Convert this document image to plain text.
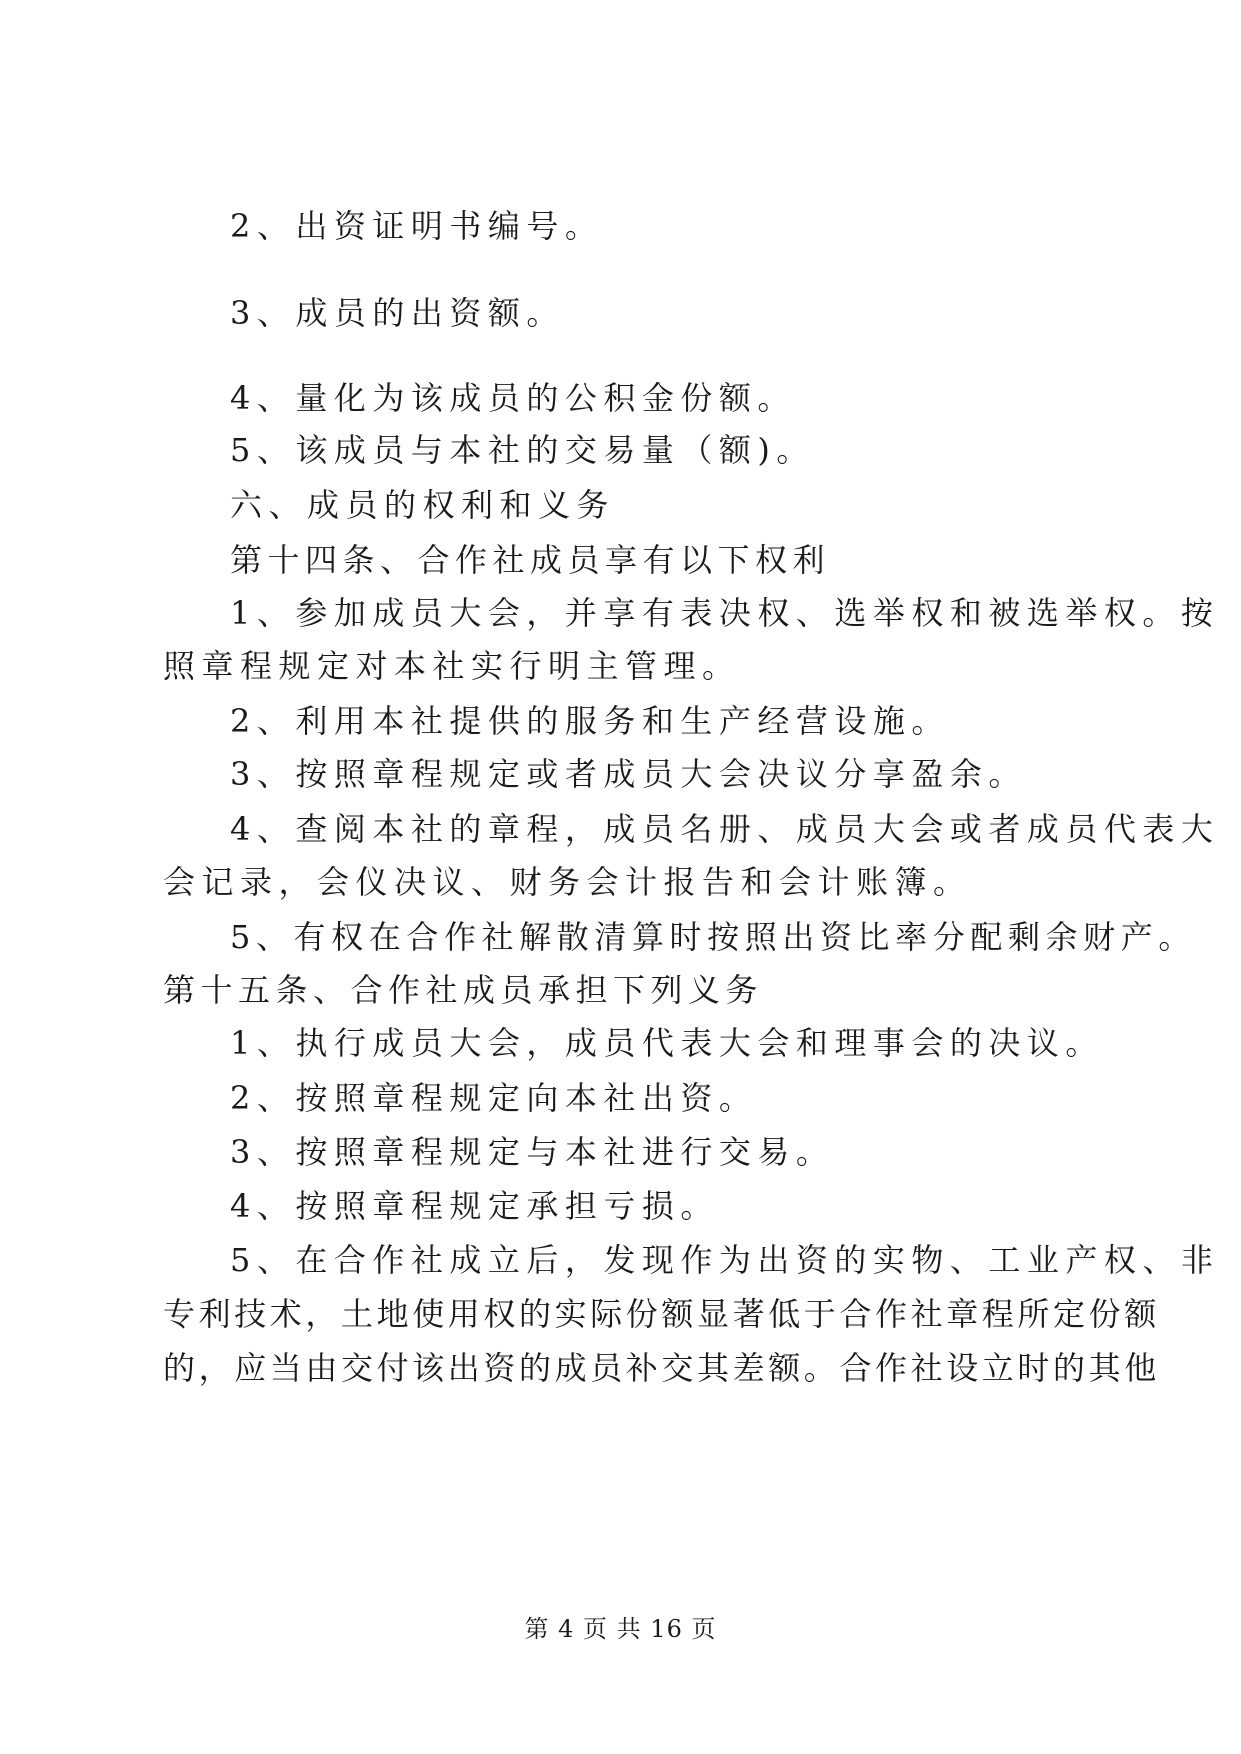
2、出资证明书编号。
3、成员的出资额。
4、量化为该成员的公积金份额。
5、该成员与本社的交易量（额)。
六、成员的权利和义务
第十四条、合作社成员享有以下权利
1、参加成员大会，并享有表决权、选举权和被选举权。按
照章程规定对本社实行明主管理。
2、利用本社提供的服务和生产经营设施。
3、按照章程规定或者成员大会决议分享盈余。
4、查阅本社的章程，成员名册、成员大会或者成员代表大
会记录，会仪决议、财务会计报告和会计账簿。
5、有权在合作社解散清算时按照出资比率分配剩余财产。
第十五条、合作社成员承担下列义务
1、执行成员大会，成员代表大会和理事会的决议。
2、按照章程规定向本社出资。
3、按照章程规定与本社进行交易。
4、按照章程规定承担亏损。
5、在合作社成立后，发现作为出资的实物、工业产权、非
专利技术，土地使用权的实际份额显著低于合作社章程所定份额
的，应当由交付该出资的成员补交其差额。合作社设立时的其他
第 4 页 共 16 页
